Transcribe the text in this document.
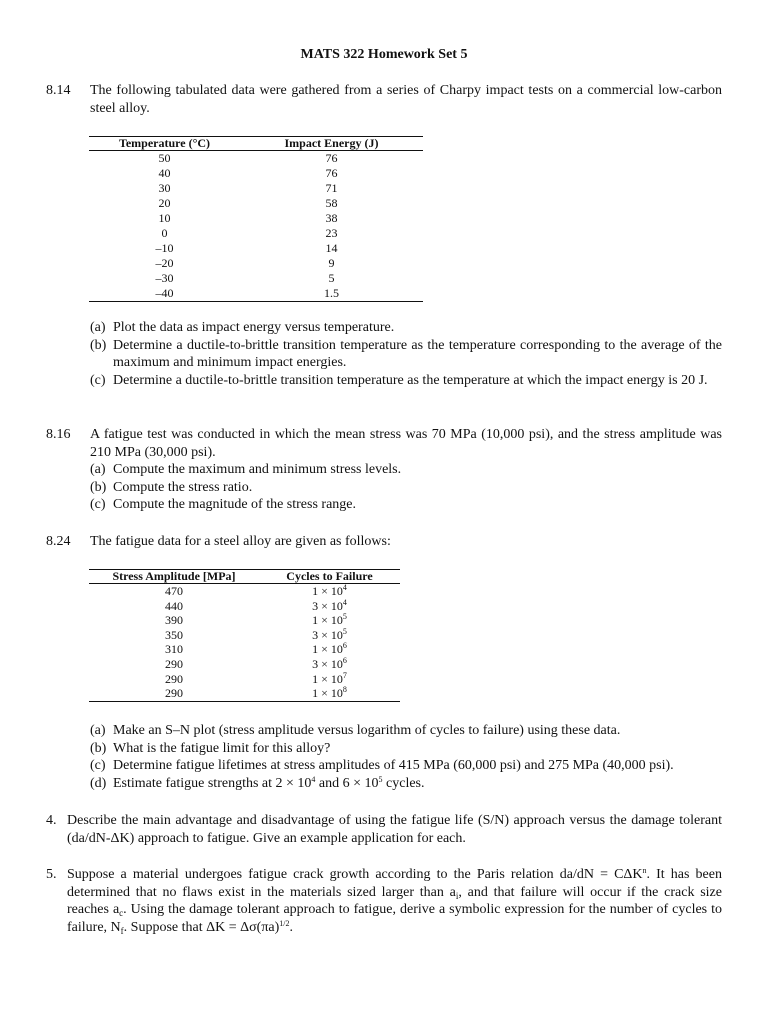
MATS 322 Homework Set 5
8.14	The following tabulated data were gathered from a series of Charpy impact tests on a commercial low-carbon steel alloy.

Temperature (°C)	Impact Energy (J)
50	76
40	76
30	71
20	58
10	38
0	23
–10	14
–20	9
–30	5
–40	1.5
(a) Plot the data as impact energy versus temperature.
(b) Determine a ductile-to-brittle transition temperature as the temperature corresponding to the average of the maximum and minimum impact energies.
(c) Determine a ductile-to-brittle transition temperature as the temperature at which the impact energy is 20 J.
8.16	A fatigue test was conducted in which the mean stress was 70 MPa (10,000 psi), and the stress amplitude was 210 MPa (30,000 psi).

(a) Compute the maximum and minimum stress levels.
(b) Compute the stress ratio.
(c) Compute the magnitude of the stress range.
8.24	The fatigue data for a steel alloy are given as follows:

Stress Amplitude [MPa]	Cycles to Failure
470	$1 \times 10^4$
440	$3 \times 10^4$
390	$1 \times 10^5$
350	$3 \times 10^5$
310	$1 \times 10^6$
290	$3 \times 10^6$
290	$1 \times 10^7$
290	$1 \times 10^8$
(a) Make an S–N plot (stress amplitude versus logarithm of cycles to failure) using these data.
(b) What is the fatigue limit for this alloy?
(c) Determine fatigue lifetimes at stress amplitudes of 415 MPa (60,000 psi) and 275 MPa (40,000 psi).
(d) Estimate fatigue strengths at $2 \times 10^4$ and $6 \times 10^5$ cycles.
4. Describe the main advantage and disadvantage of using the fatigue life (S/N) approach versus the damage tolerant (da/dN-ΔK) approach to fatigue. Give an example application for each.
5. Suppose a material undergoes fatigue crack growth according to the Paris relation $da/dN = C\Delta K^n$. It has been determined that no flaws exist in the materials sized larger than $a_i$, and that failure will occur if the crack size reaches $a_c$. Using the damage tolerant approach to fatigue, derive a symbolic expression for the number of cycles to failure, $N_f$. Suppose that $\Delta K = \Delta\sigma(\pi a)^{1/2}$.
